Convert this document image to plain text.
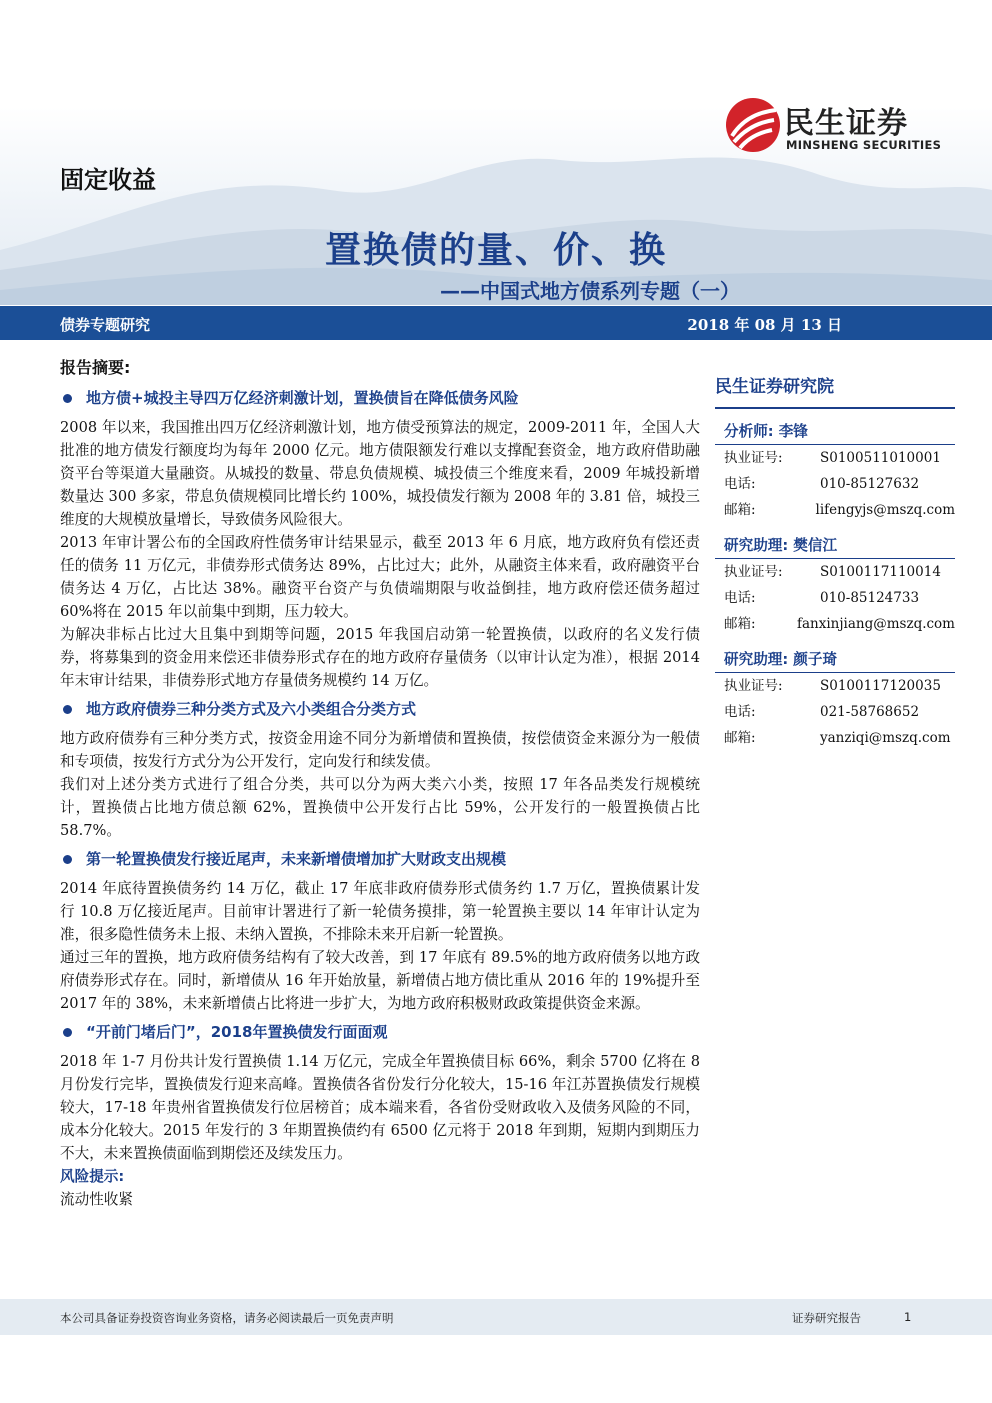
民生证券
MINSHENG SECURITIES
固定收益
置换债的量、价、换
——中国式地方债系列专题（一）
债券专题研究	2018 年 08 月 13 日
报告摘要:
地方债+城投主导四万亿经济刺激计划，置换债旨在降低债务风险

2008 年以来，我国推出四万亿经济刺激计划，地方债受预算法的规定，2009-2011 年，全国人大批准的地方债发行额度均为每年 2000 亿元。地方债限额发行难以支撑配套资金，地方政府借助融资平台等渠道大量融资。从城投的数量、带息负债规模、城投债三个维度来看，2009 年城投新增数量达 300 多家，带息负债规模同比增长约 100%，城投债发行额为 2008 年的 3.81 倍，城投三维度的大规模放量增长，导致债务风险很大。

2013 年审计署公布的全国政府性债务审计结果显示，截至 2013 年 6 月底，地方政府负有偿还责任的债务 11 万亿元，非债券形式债务达 89%，占比过大；此外，从融资主体来看，政府融资平台债务达 4 万亿，占比达 38%。融资平台资产与负债端期限与收益倒挂，地方政府偿还债务超过 60%将在 2015 年以前集中到期，压力较大。

为解决非标占比过大且集中到期等问题，2015 年我国启动第一轮置换债，以政府的名义发行债券，将募集到的资金用来偿还非债券形式存在的地方政府存量债务（以审计认定为准），根据 2014 年末审计结果，非债券形式地方存量债务规模约 14 万亿。

地方政府债券三种分类方式及六小类组合分类方式

地方政府债券有三种分类方式，按资金用途不同分为新增债和置换债，按偿债资金来源分为一般债和专项债，按发行方式分为公开发行，定向发行和续发债。

我们对上述分类方式进行了组合分类，共可以分为两大类六小类，按照 17 年各品类发行规模统计，置换债占比地方债总额 62%，置换债中公开发行占比 59%，公开发行的一般置换债占比 58.7%。

第一轮置换债发行接近尾声，未来新增债增加扩大财政支出规模

2014 年底待置换债务约 14 万亿，截止 17 年底非政府债券形式债务约 1.7 万亿，置换债累计发行 10.8 万亿接近尾声。目前审计署进行了新一轮债务摸排，第一轮置换主要以 14 年审计认定为准，很多隐性债务未上报、未纳入置换，不排除未来开启新一轮置换。

通过三年的置换，地方政府债务结构有了较大改善，到 17 年底有 89.5%的地方政府债务以地方政府债券形式存在。同时，新增债从 16 年开始放量，新增债占地方债比重从 2016 年的 19%提升至 2017 年的 38%，未来新增债占比将进一步扩大，为地方政府积极财政政策提供资金来源。

“开前门堵后门”，2018年置换债发行面面观

2018 年 1-7 月份共计发行置换债 1.14 万亿元，完成全年置换债目标 66%，剩余 5700 亿将在 8 月份发行完毕，置换债发行迎来高峰。置换债各省份发行分化较大，15-16 年江苏置换债发行规模较大，17-18 年贵州省置换债发行位居榜首；成本端来看，各省份受财政收入及债务风险的不同，成本分化较大。2015 年发行的 3 年期置换债约有 6500 亿元将于 2018 年到期，短期内到期压力不大，未来置换债面临到期偿还及续发压力。

风险提示:

流动性收紧

民生证券研究院
分析师: 李锋
执业证号:	S0100511010001
电话:	010-85127632
邮箱:	lifengyjs@mszq.com
研究助理: 樊信江
执业证号:	S0100117110014
电话:	010-85124733
邮箱:	fanxinjiang@mszq.com
研究助理: 颜子琦
执业证号:	S0100117120035
电话:	021-58768652
邮箱:	yanziqi@mszq.com
本公司具备证券投资咨询业务资格，请务必阅读最后一页免责声明	证券研究报告	1
